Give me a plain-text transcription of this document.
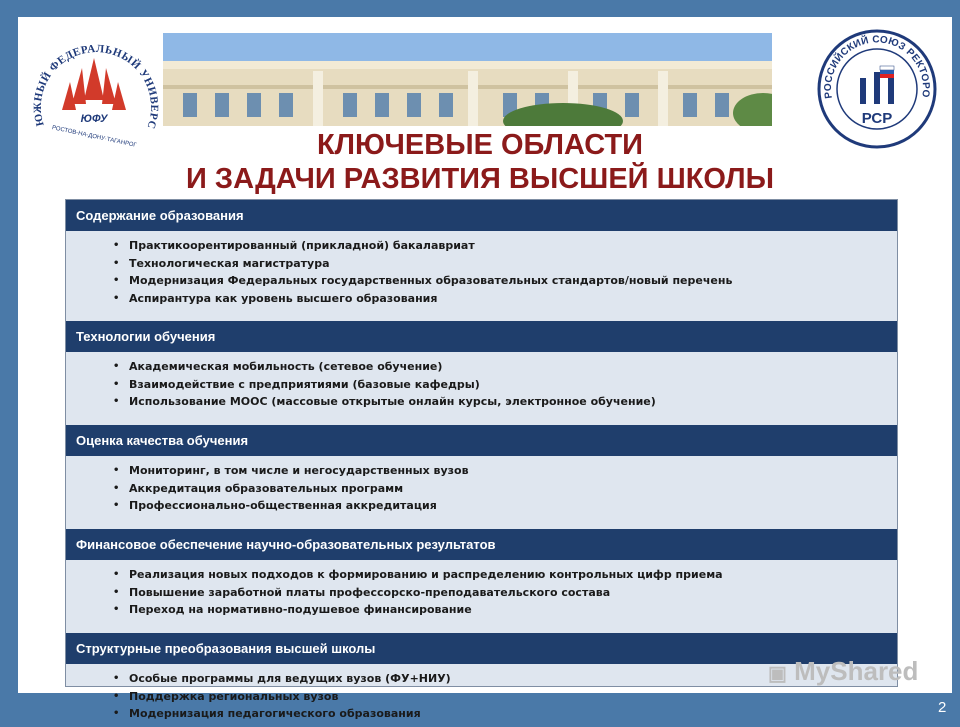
ЮЖНЫЙ ФЕДЕРАЛЬНЫЙ УНИВЕРС
ЮФУ
РОСТОВ-НА-ДОНУ·ТАГАНРОГ
РОССИЙСКИЙ СОЮЗ РЕКТОРО
РСР
КЛЮЧЕВЫЕ ОБЛАСТИ
И ЗАДАЧИ РАЗВИТИЯ ВЫСШЕЙ ШКОЛЫ
Содержание образования
• Практикоорентированный (прикладной) бакалавриат
• Технологическая магистратура
• Модернизация Федеральных государственных образовательных стандартов/новый перечень
• Аспирантура как уровень высшего образования
Технологии обучения
• Академическая мобильность (сетевое обучение)
• Взаимодействие с предприятиями (базовые кафедры)
• Использование МООС (массовые открытые онлайн курсы, электронное обучение)
Оценка качества обучения
• Мониторинг, в том числе и негосударственных вузов
• Аккредитация образовательных программ
• Профессионально-общественная аккредитация
Финансовое обеспечение научно-образовательных результатов
• Реализация новых подходов к формированию и распределению контрольных цифр приема
• Повышение заработной платы профессорско-преподавательского состава
• Переход на нормативно-подушевое финансирование
Структурные преобразования высшей школы
• Особые программы для ведущих вузов (ФУ+НИУ)
• Поддержка региональных вузов
• Модернизация педагогического образования
▣ MyShared
2
